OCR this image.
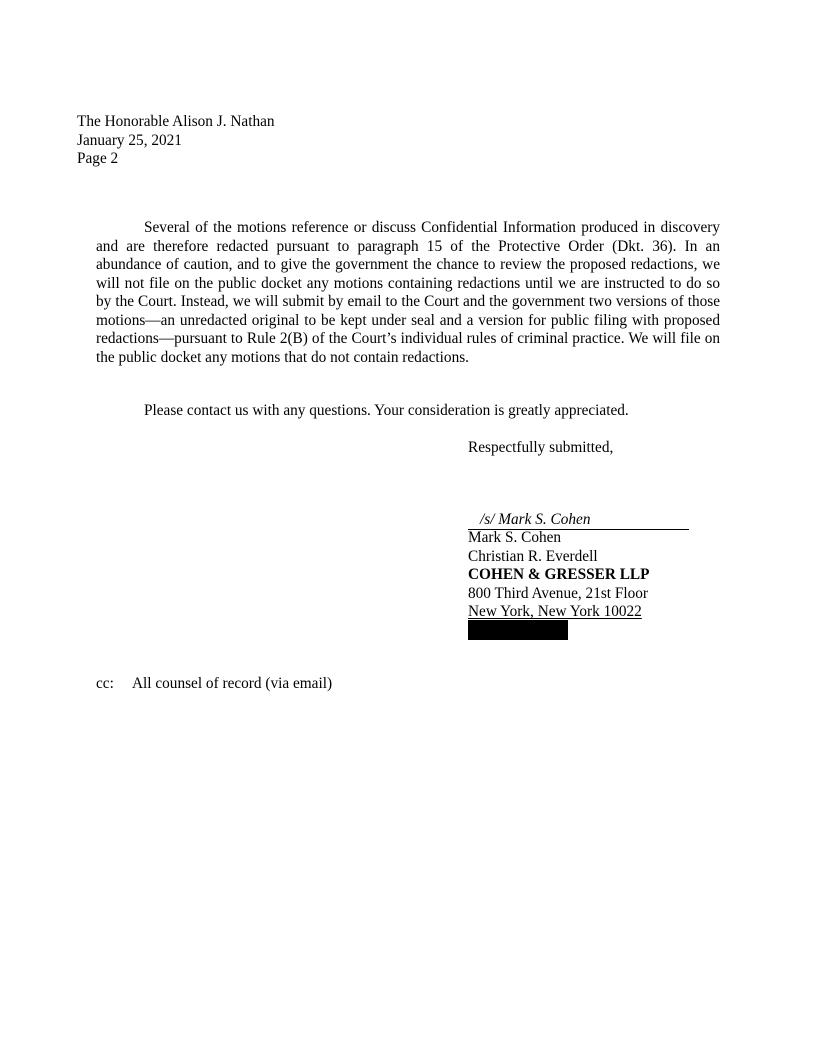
The Honorable Alison J. Nathan
January 25, 2021
Page 2

Several of the motions reference or discuss Confidential Information produced in discovery and are therefore redacted pursuant to paragraph 15 of the Protective Order (Dkt. 36). In an abundance of caution, and to give the government the chance to review the proposed redactions, we will not file on the public docket any motions containing redactions until we are instructed to do so by the Court. Instead, we will submit by email to the Court and the government two versions of those motions—an unredacted original to be kept under seal and a version for public filing with proposed redactions—pursuant to Rule 2(B) of the Court’s individual rules of criminal practice. We will file on the public docket any motions that do not contain redactions.

Please contact us with any questions. Your consideration is greatly appreciated.

Respectfully submitted,
/s/ Mark S. Cohen
Mark S. Cohen
Christian R. Everdell
COHEN & GRESSER LLP
800 Third Avenue, 21st Floor
New York, New York 10022
cc: All counsel of record (via email)
